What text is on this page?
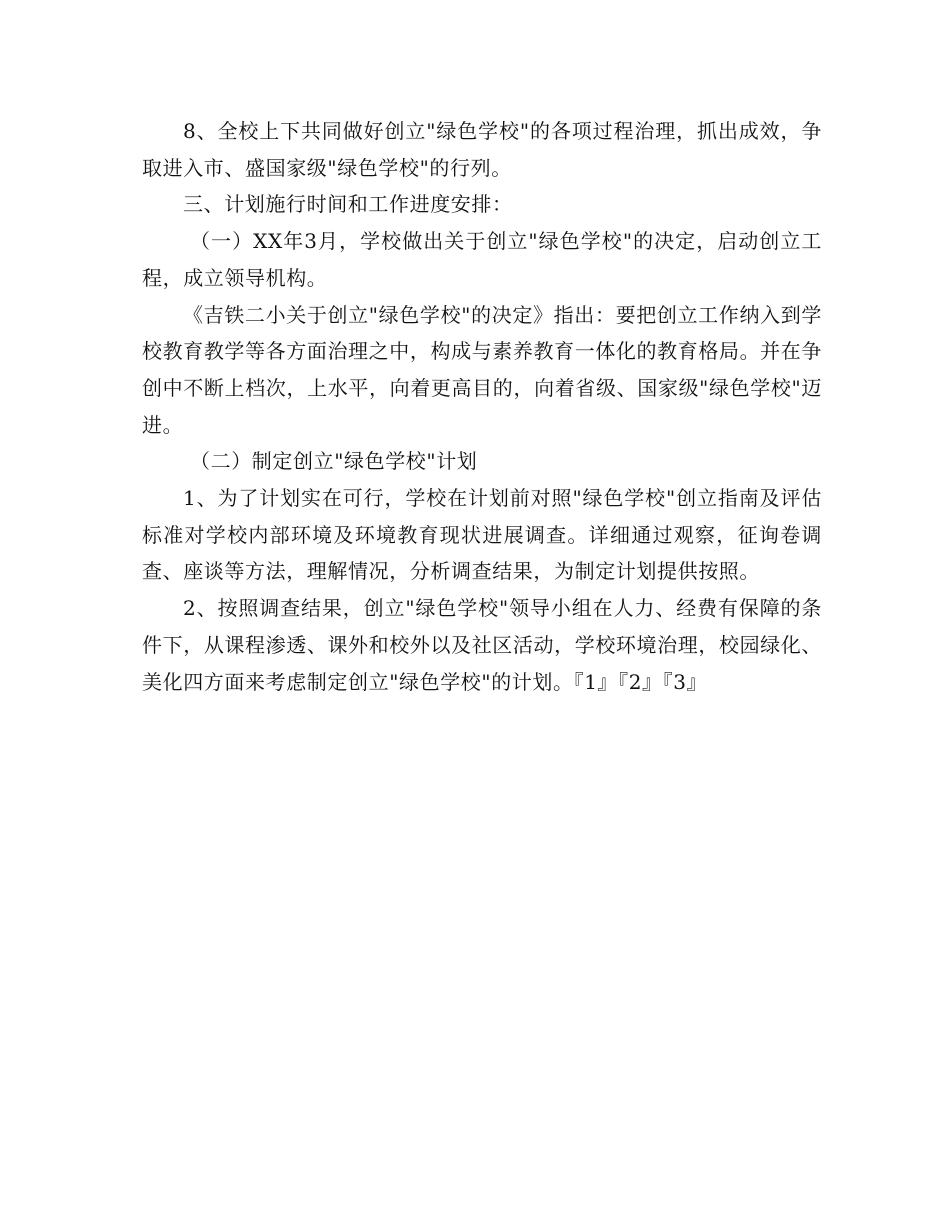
8、全校上下共同做好创立"绿色学校"的各项过程治理，抓出成效，争取进入市、盛国家级"绿色学校"的行列。

三、计划施行时间和工作进度安排：

（一）XX年3月，学校做出关于创立"绿色学校"的决定，启动创立工程，成立领导机构。

《吉铁二小关于创立"绿色学校"的决定》指出：要把创立工作纳入到学校教育教学等各方面治理之中，构成与素养教育一体化的教育格局。并在争创中不断上档次，上水平，向着更高目的，向着省级、国家级"绿色学校"迈进。

（二）制定创立"绿色学校"计划

1、为了计划实在可行，学校在计划前对照"绿色学校"创立指南及评估标准对学校内部环境及环境教育现状进展调查。详细通过观察，征询卷调查、座谈等方法，理解情况，分析调查结果，为制定计划提供按照。

2、按照调查结果，创立"绿色学校"领导小组在人力、经费有保障的条件下，从课程渗透、课外和校外以及社区活动，学校环境治理，校园绿化、美化四方面来考虑制定创立"绿色学校"的计划。『1』『2』『3』
